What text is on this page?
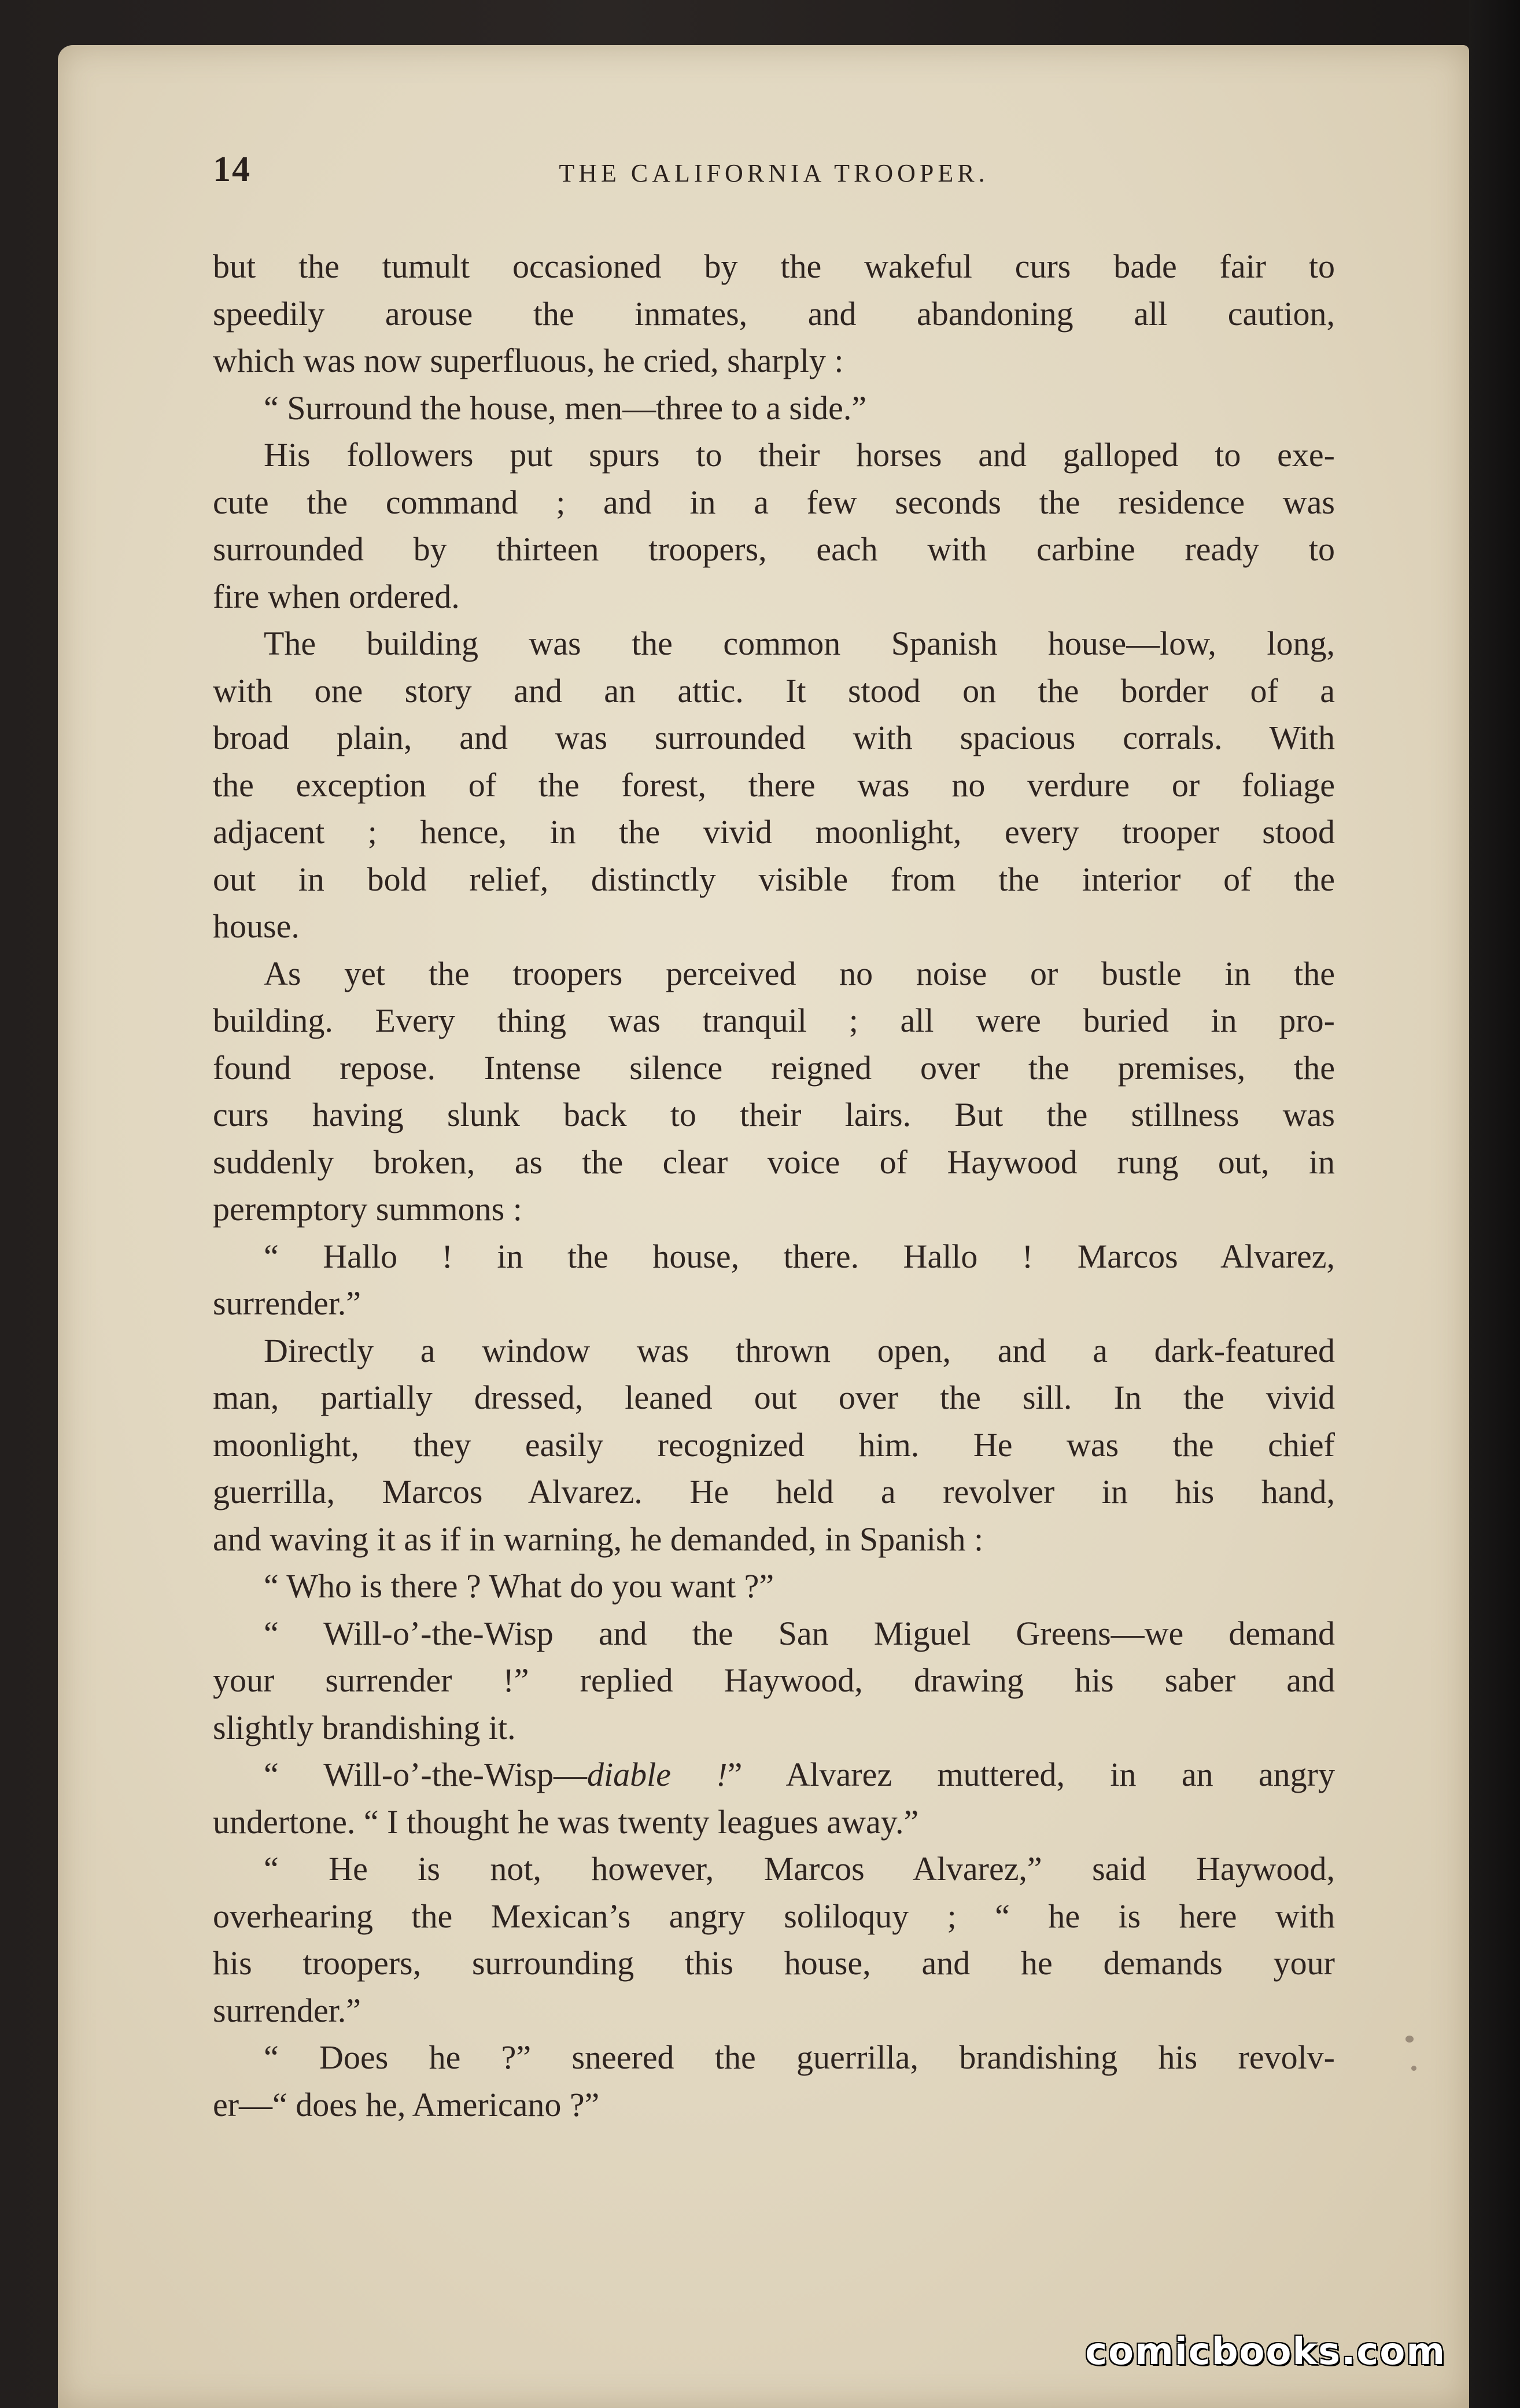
14	THE CALIFORNIA TROOPER.
but the tumult occasioned by the wakeful curs bade fair to
speedily arouse the inmates, and abandoning all caution,
which was now superfluous, he cried, sharply :
“ Surround the house, men—three to a side.”
His followers put spurs to their horses and galloped to exe-
cute the command ; and in a few seconds the residence was
surrounded by thirteen troopers, each with carbine ready to
fire when ordered.
The building was the common Spanish house—low, long,
with one story and an attic. It stood on the border of a
broad plain, and was surrounded with spacious corrals. With
the exception of the forest, there was no verdure or foliage
adjacent ; hence, in the vivid moonlight, every trooper stood
out in bold relief, distinctly visible from the interior of the
house.
As yet the troopers perceived no noise or bustle in the
building. Every thing was tranquil ; all were buried in pro-
found repose. Intense silence reigned over the premises, the
curs having slunk back to their lairs. But the stillness was
suddenly broken, as the clear voice of Haywood rung out, in
peremptory summons :
“ Hallo ! in the house, there. Hallo ! Marcos Alvarez,
surrender.”
Directly a window was thrown open, and a dark-featured
man, partially dressed, leaned out over the sill. In the vivid
moonlight, they easily recognized him. He was the chief
guerrilla, Marcos Alvarez. He held a revolver in his hand,
and waving it as if in warning, he demanded, in Spanish :
“ Who is there ? What do you want ?”
“ Will-o’-the-Wisp and the San Miguel Greens—we demand
your surrender !” replied Haywood, drawing his saber and
slightly brandishing it.
“ Will-o’-the-Wisp—diable !” Alvarez muttered, in an angry
undertone. “ I thought he was twenty leagues away.”
“ He is not, however, Marcos Alvarez,” said Haywood,
overhearing the Mexican’s angry soliloquy ; “ he is here with
his troopers, surrounding this house, and he demands your
surrender.”
“ Does he ?” sneered the guerrilla, brandishing his revolv-
er—“ does he, Americano ?”
comicbooks.com
